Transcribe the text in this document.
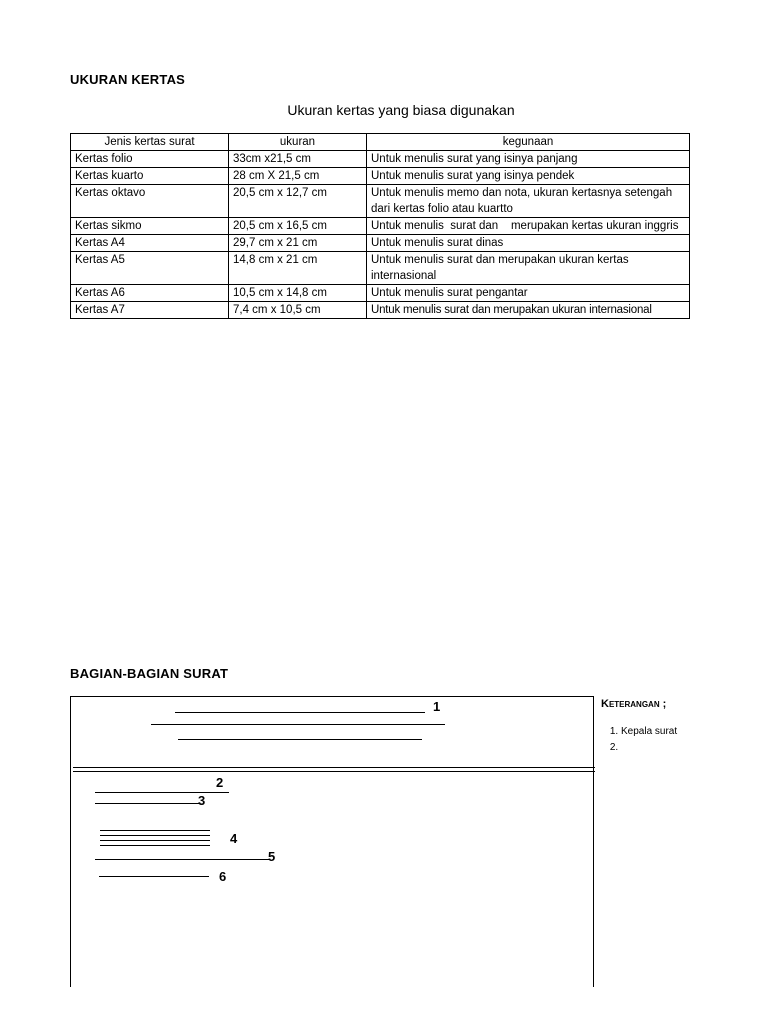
UKURAN KERTAS
Ukuran kertas yang biasa digunakan
Jenis kertas surat	ukuran	kegunaan
Kertas folio	33cm x21,5 cm	Untuk menulis surat yang isinya panjang
Kertas kuarto	28 cm X 21,5 cm	Untuk menulis surat yang isinya pendek
Kertas oktavo	20,5 cm x 12,7 cm	Untuk menulis memo dan nota, ukuran kertasnya setengah dari kertas folio atau kuartto
Kertas sikmo	20,5 cm x 16,5 cm	Untuk menulis  surat dan    merupakan kertas ukuran inggris
Kertas A4	29,7 cm x 21 cm	Untuk menulis surat dinas
Kertas A5	14,8 cm x 21 cm	Untuk menulis surat dan merupakan ukuran kertas internasional
Kertas A6	10,5 cm x 14,8 cm	Untuk menulis surat pengantar
Kertas A7	7,4 cm x 10,5 cm	Untuk menulis surat dan merupakan ukuran internasional
BAGIAN-BAGIAN SURAT
1
2
3
4
5
6
Keterangan ;
1. Kepala surat
2.
